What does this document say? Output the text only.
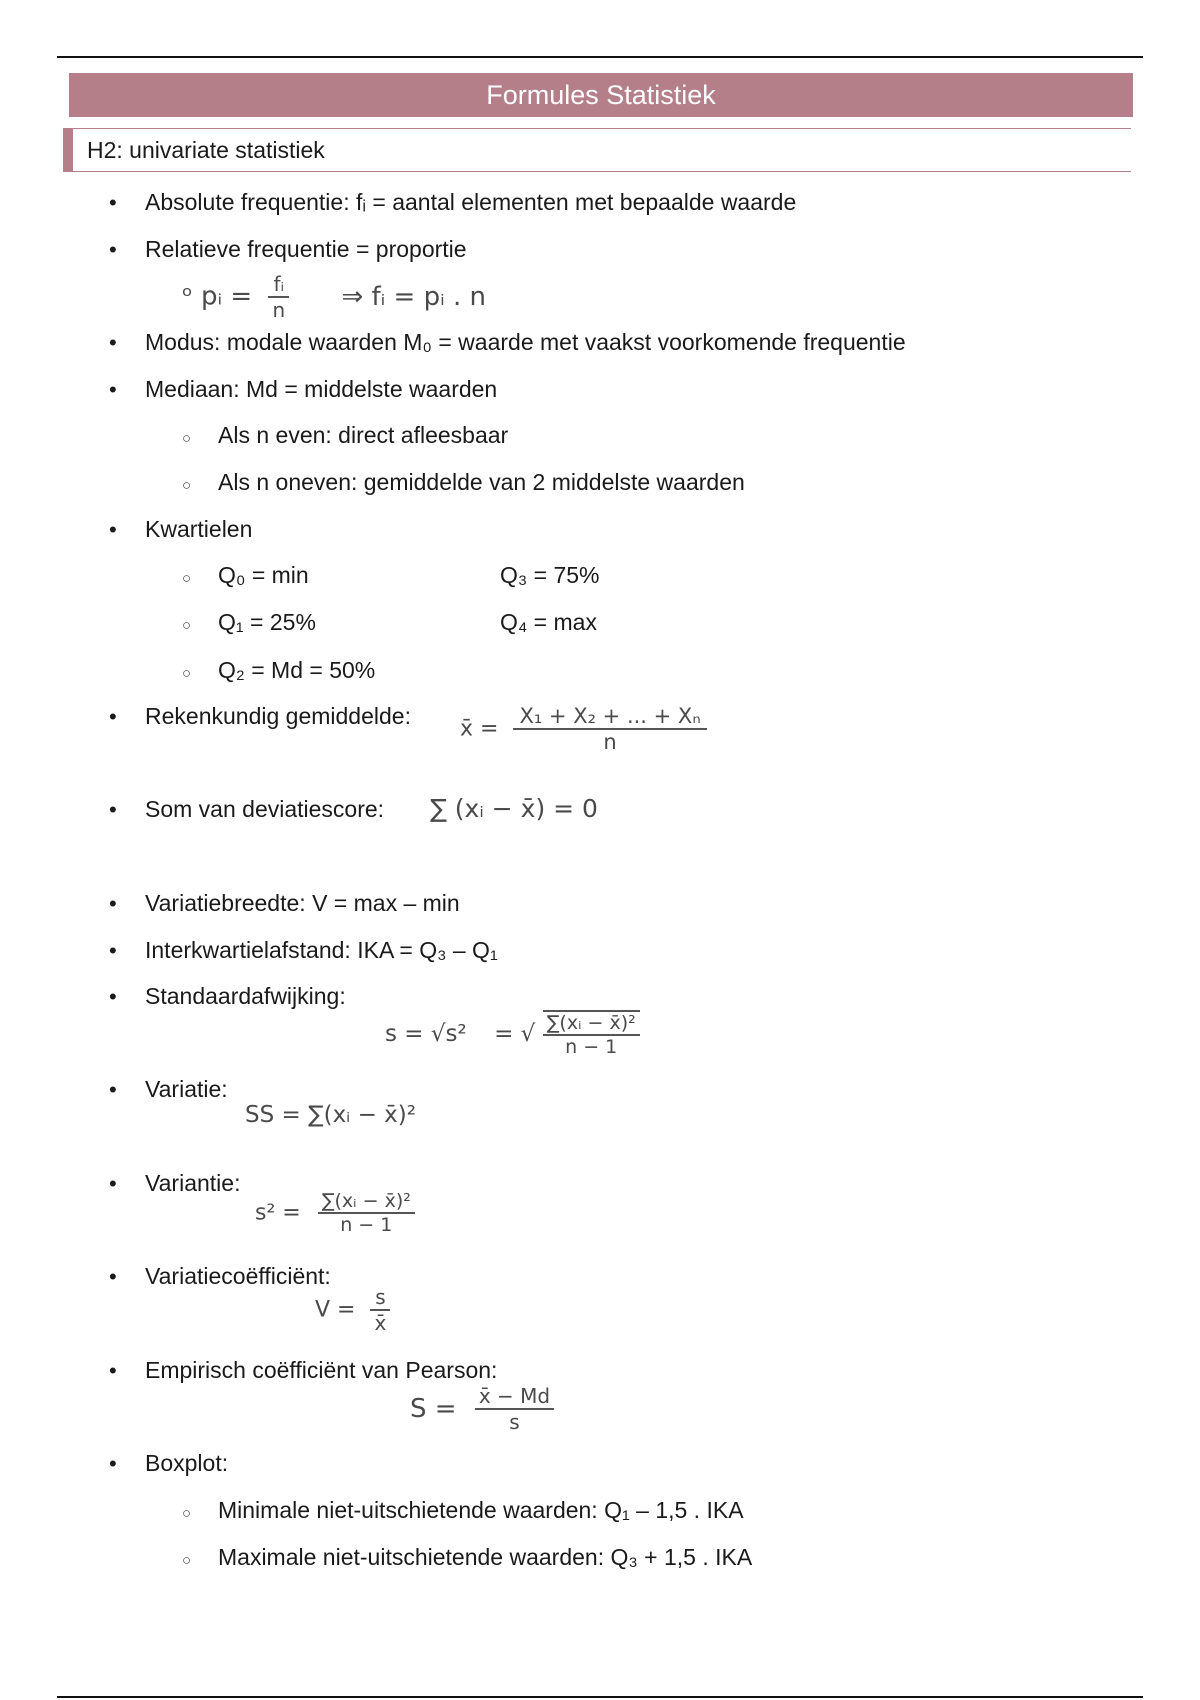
Formules Statistiek
H2: univariate statistiek
• Absolute frequentie: fᵢ = aantal elementen met bepaalde waarde
• Relatieve frequentie = proportie
ᵒ pᵢ = $\frac{\text{fᵢ}}{n}$ ⇒ fᵢ = pᵢ . n
• Modus: modale waarden M₀ = waarde met vaakst voorkomende frequentie
• Mediaan: Md = middelste waarden
○ Als n even: direct afleesbaar
○ Als n oneven: gemiddelde van 2 middelste waarden
• Kwartielen
○ Q₀ = min	Q₃ = 75%
○ Q₁ = 25%	Q₄ = max
○ Q₂ = Md = 50%
• Rekenkundig gemiddelde: x̄ = $\frac{\text{X₁ + X₂ + ... + Xₙ}}{n}$
• Som van deviatiescore: ∑ (xᵢ − x̄) = 0
• Variatiebreedte: V = max – min
• Interkwartielafstand: IKA = Q₃ – Q₁
• Standaardafwijking:
s = √s² = √ $\frac{\text{∑(xᵢ − x̄)²}}{n - 1}$
• Variatie:
SS = ∑(xᵢ − x̄)²
• Variantie:
$s^2 = \frac{\text{∑(xᵢ − x̄)²}}{n - 1}$
• Variatiecoëfficiënt:
$V = \frac{s}{x̄}$
• Empirisch coëfficiënt van Pearson:
$S = \frac{x̄ - Md}{s}$
• Boxplot:
○ Minimale niet-uitschietende waarden: Q₁ – 1,5 . IKA
○ Maximale niet-uitschietende waarden: Q₃ + 1,5 . IKA
